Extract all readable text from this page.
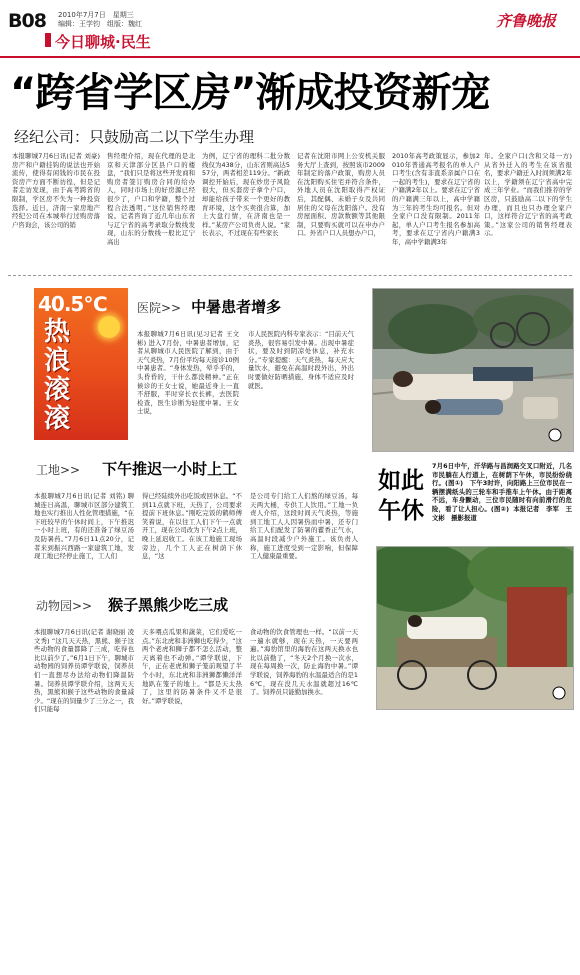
B08 2010年7月7日　星期三
编辑：王学钧　组版：魏红
今日聊城·民生
齐鲁晚报
“跨省学区房”渐成投资新宠
经纪公司：只鼓励高二以下学生办理
本报聊城7月6日讯(记者 刘豪) 房产和户籍挂钩的说法也开始流传，使得有闲钱的市民在投资房产方面不断彷徨，但是记者走访发现，由于高考跨省的限制，学区房不失为一种投资选择。近日，济南一家房地产经纪公司在本城举行过购房落户咨询会，该公司的销
售经理介绍，现在代理的是北京和天津部分区县户口的楼盘，“我们只是将这些开发商和购房者签订购房合同的给办人，同时市场上的好房源已经很少了，户口和学籍，整个过程合法透明。”这位销售经理说。记者咨询了近几年山东省与辽宁省的高考录取分数线发现，山东的分数线一般比辽宁高出
为例，辽宁省的理科二批分数线仅为438分，山东省则高达557分，两者相差119分。“新政调控开始后，现在炒房子风险很大，但买套房子拿个户口，却能给孩子带来一个更好的教育环境，这个买卖很合算，加上大盘行情，在济南也是一样。”某房产公司负责人说。“家长表示，不过现在有些家长
记者在沈阳市网上公安机关服务大厅上查到，按照该市2009年制定的落户政策，购房人员在沈阳购买住宅并符合条件，外地人员在沈阳取得产权证后，其配偶、未婚子女及共同居住的父母在沈阳落户。没有房屋面积、房款数额等其他限制，只要购买就可以在申办户口。外省户口人员想办户口，
2010年高考政策显示，参加2010年普通高考报名的单人户口考生(含有非直系亲属户口在一起的考生)，要求在辽宁省的户籍满2年以上。要求在辽宁省的户籍满三年以上，高中学籍为三年的考生均可报名。但对全家户口没有限制。2011年起，单人户口考生报名参加高考，要求在辽宁省内户籍满3年，高中学籍满3年
年。全家户口(含和父母一方)从省外迁入的考生在该省报名，要求户籍迁入时间须满2年以上，学籍须在辽宁省高中完成三年学业。“而我们推荐的学区房，只鼓励高二以下的学生办理，而且也只办理全家户口，这样符合辽宁省的高考政策。”这家公司的销售经理表示。
40.5℃
热
浪
滚
滚
医院>> 中暑患者增多
本报聊城7月6日讯(见习记者 王文彬) 进入7月份，中暑患者增加，记者从聊城市人民医院了解到，由于天气炎热，7月份平均每天接诊10例中暑患者。“身体发热，晕乎乎的，头昏昏的，干什么都没精神。”正在候诊的王女士说，她最近身上一直不舒服，平时穿长衣长裤，去医院检查，医生诊断为轻度中暑。王女士说，
市人民医院内科专家表示：“目前天气炎热，很容易引发中暑。出现中暑症状，要及时到阴凉处休息，补充水分。”专家提醒：天气炎热，每天应大量饮水，避免在高温时段外出，外出时要做好防晒措施，身体不适应及时就医。
如此午休
7月6日中午，汗华路与昌润路交叉口附近，几名市民躺在人行道上，在树荫下午休，市民纷纷绕行。(图①)　下午3时许，向阳路上三位市民在一辆摆满纸头的三轮车和手推车上午休。由于距离不远，车身颤动，三位市民随时有向前滑行的危险，看了让人担心。(图②) 本报记者　李军　王文彬　摄影报道
工地>> 下午推迟一小时上工
本报聊城7月6日讯(记者 刘铭) 聊城连日高温，聊城市区部分建筑工地也实行推出人性化管理措施，“在下班较早的午休时间上，下午推迟一小时上班，有的还准备了绿豆汤及防暑药。”7月6日11点20分，记者来到振兴西路一家建筑工地，发现工地已经停止施工，工人们
得已经陆续外出吃饭或回休息。“不到11点就下班，天热了，公司要求提前下班休息。”刚吃完饭的鹤师傅笑着说，在以往工人们下午一点就开工，现在公司改为下午2点上班，晚上延迟收工。在该工地施工现场旁边，几个工人正在树荫下休息，“这
是公司专门给工人们熬的绿豆汤，每天两大桶，专供工人饮用。”工地一负责人介绍，这段时间天气炎热，等施到工地工人人因暑热而中暑，还专门给工人们配发了防暑的藿香正气水，高温时段减少户外施工。该负责人称，施工进度受到一定影响，但保障工人健康最重要。
动物园>> 猴子黑熊少吃三成
本报聊城7月6日讯(记者 谢晓丽 凌文秀) “这几天天热，黑熊、猴子这些动物的食量都降了三成，吃得也比以前少了。”6月1日下午，聊城市动物园的饲养员谭学联说，饲养员们一直想尽办法给动物们降温防暑。饲养员谭学联介绍，这两天天热，黑熊和猴子这些动物的食量减少。“现在的饲量少了三分之一，我们只能每
天多喂点瓜果和蔬菜，它们爱吃一点。”东北虎和非洲狮也吃得少，“这两个老虎和狮子都不怎么活动，整天离着也不动弹。”谭学联说，下午，正在老虎和狮子笼前观望了半个小时，东北虎和非洲狮都懒洋洋地趴在笼子的地上。“都是天太热了，这里的防暑条件又不是很好。”谭学联说，
食动物的饮食管理也一样。“以前一天一遍水就够，现在天热，一天要两遍。”海豹馆里的海豹在这两天换水也比以前勤了，“冬天2个月换一次水，现在每周换一次，防止海豹中暑。”谭学联说，饲养海豹的水温最适合的是16℃，现在没几天水温就超过16℃了。饲养员只能勤加换水。
